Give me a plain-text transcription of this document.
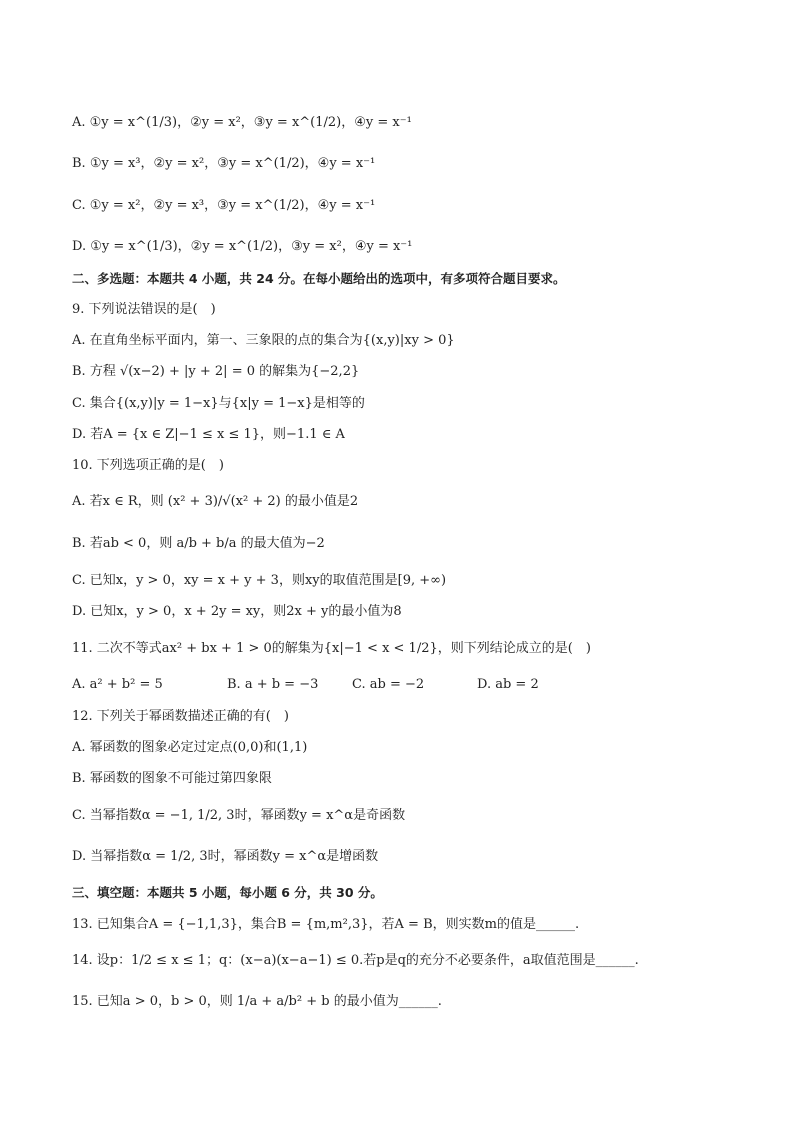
A. ①y = x^(1/3)，②y = x²，③y = x^(1/2)，④y = x⁻¹
B. ①y = x³，②y = x²，③y = x^(1/2)，④y = x⁻¹
C. ①y = x²，②y = x³，③y = x^(1/2)，④y = x⁻¹
D. ①y = x^(1/3)，②y = x^(1/2)，③y = x²，④y = x⁻¹
二、多选题：本题共 4 小题，共 24 分。在每小题给出的选项中，有多项符合题目要求。
9. 下列说法错误的是(　)
A. 在直角坐标平面内，第一、三象限的点的集合为{(x,y)|xy > 0}
B. 方程 √(x−2) + |y + 2| = 0 的解集为{−2,2}
C. 集合{(x,y)|y = 1−x}与{x|y = 1−x}是相等的
D. 若A = {x ∈ Z|−1 ≤ x ≤ 1}，则−1.1 ∈ A
10. 下列选项正确的是(　)
A. 若x ∈ R，则 (x² + 3)/√(x² + 2) 的最小值是2
B. 若ab < 0，则 a/b + b/a 的最大值为−2
C. 已知x，y > 0，xy = x + y + 3，则xy的取值范围是[9, +∞)
D. 已知x，y > 0，x + 2y = xy，则2x + y的最小值为8
11. 二次不等式ax² + bx + 1 > 0的解集为{x|−1 < x < 1/2}，则下列结论成立的是(　)
A. a² + b² = 5	B. a + b = −3	C. ab = −2	D. ab = 2
12. 下列关于幂函数描述正确的有(　)
A. 幂函数的图象必定过定点(0,0)和(1,1)
B. 幂函数的图象不可能过第四象限
C. 当幂指数α = −1, 1/2, 3时，幂函数y = x^α是奇函数
D. 当幂指数α = 1/2, 3时，幂函数y = x^α是增函数
三、填空题：本题共 5 小题，每小题 6 分，共 30 分。
13. 已知集合A = {−1,1,3}，集合B = {m,m²,3}，若A = B，则实数m的值是______.
14. 设p：1/2 ≤ x ≤ 1；q：(x−a)(x−a−1) ≤ 0.若p是q的充分不必要条件，a取值范围是______.
15. 已知a > 0，b > 0，则 1/a + a/b² + b 的最小值为______.
